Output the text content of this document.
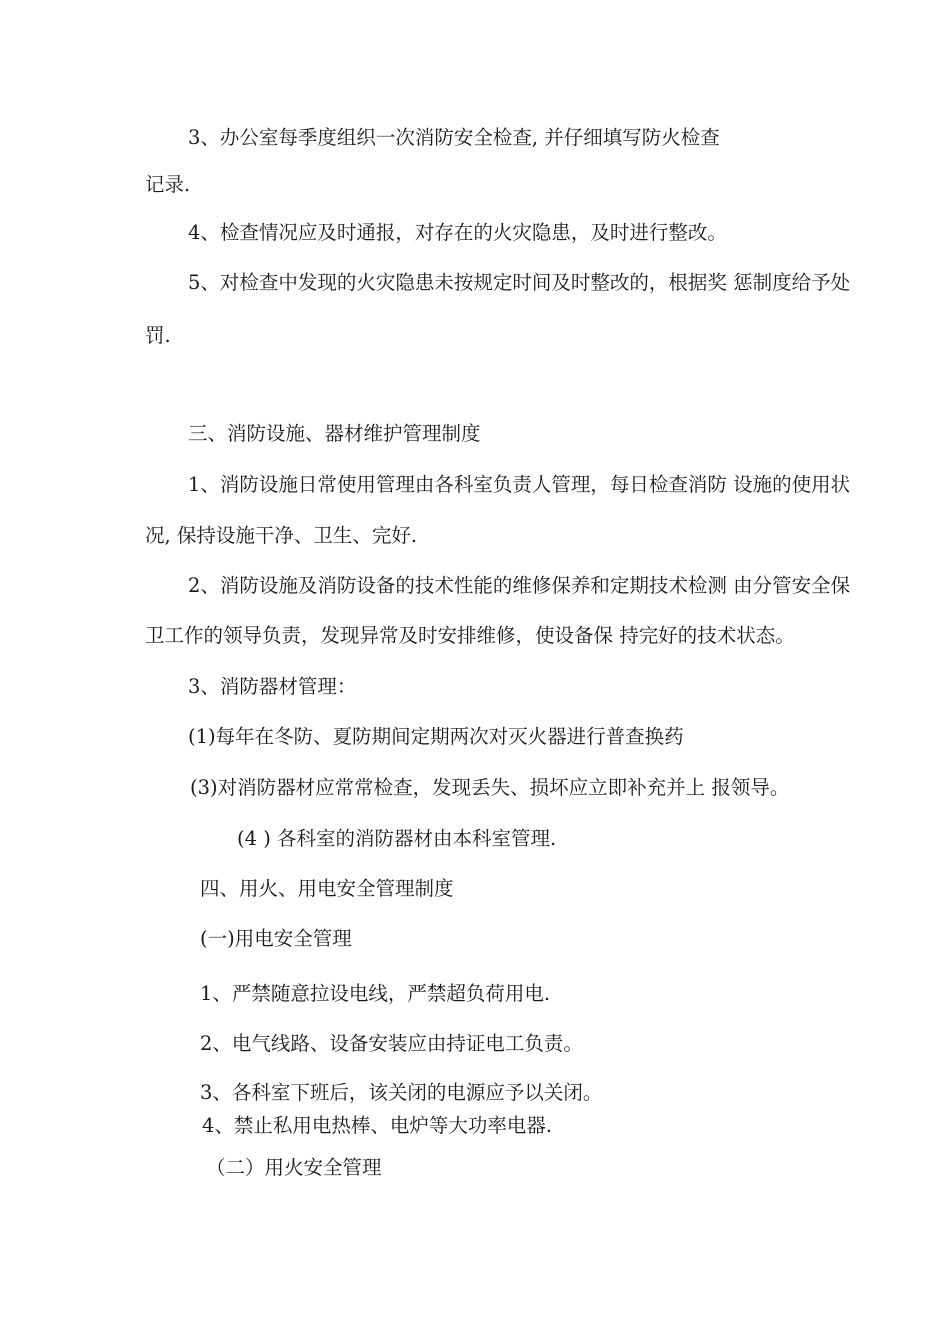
3、办公室每季度组织一次消防安全检查, 并仔细填写防火检查
记录.
4、检查情况应及时通报，对存在的火灾隐患，及时进行整改。
5、对检查中发现的火灾隐患未按规定时间及时整改的，根据奖 惩制度给予处
罚.
三、消防设施、器材维护管理制度
1、消防设施日常使用管理由各科室负责人管理，每日检查消防 设施的使用状
况, 保持设施干净、卫生、完好.
2、消防设施及消防设备的技术性能的维修保养和定期技术检测 由分管安全保
卫工作的领导负责，发现异常及时安排维修，使设备保 持完好的技术状态。
3、消防器材管理：
(1)每年在冬防、夏防期间定期两次对灭火器进行普查换药
(3)对消防器材应常常检查，发现丢失、损坏应立即补充并上 报领导。
(4 ) 各科室的消防器材由本科室管理.
四、用火、用电安全管理制度
(一)用电安全管理
1、严禁随意拉设电线，严禁超负荷用电.
2、电气线路、设备安装应由持证电工负责。
3、各科室下班后，该关闭的电源应予以关闭。
4、禁止私用电热棒、电炉等大功率电器.
（二）用火安全管理
